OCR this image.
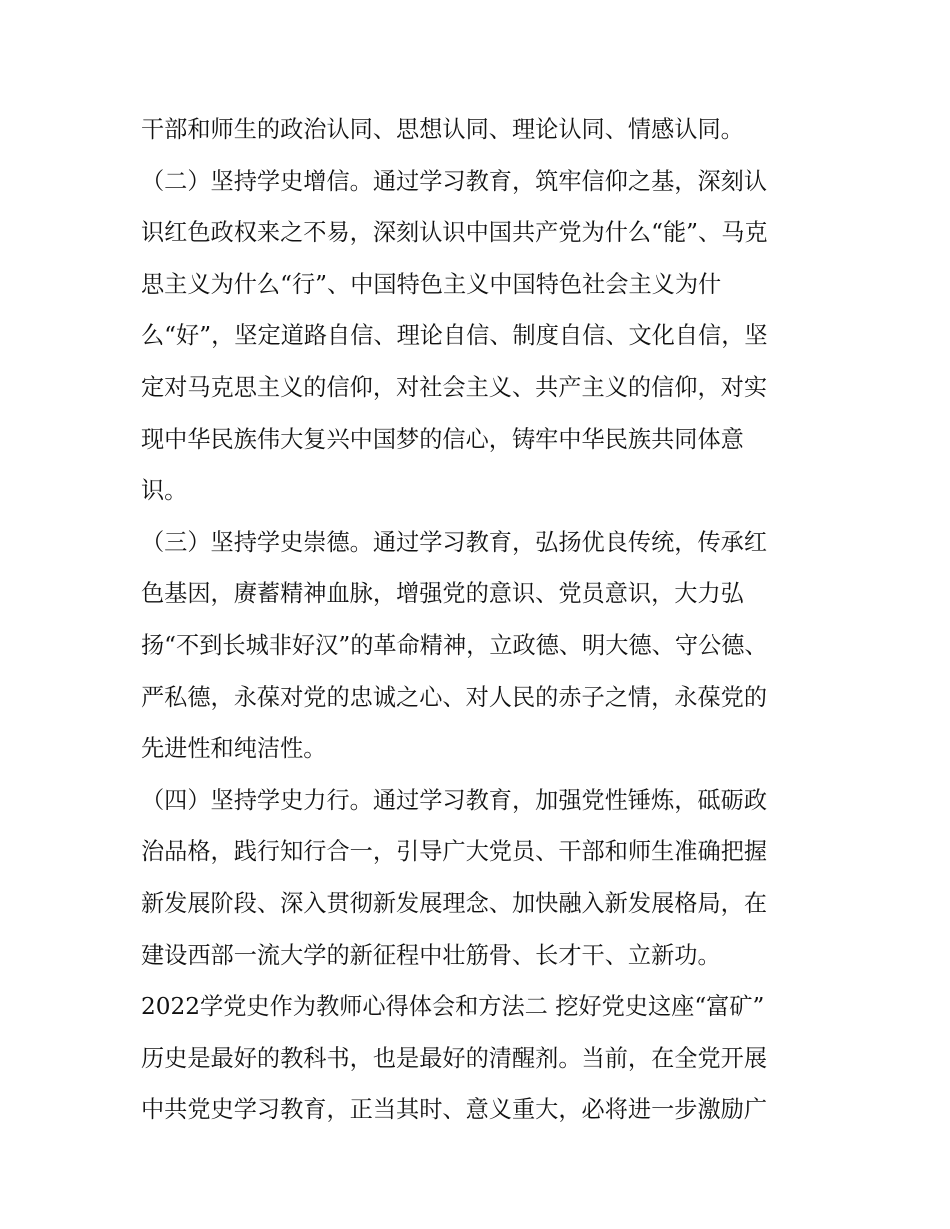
干部和师生的政治认同、思想认同、理论认同、情感认同。
（二）坚持学史增信。通过学习教育，筑牢信仰之基，深刻认
识红色政权来之不易，深刻认识中国共产党为什么“能”、马克
思主义为什么“行”、中国特色主义中国特色社会主义为什
么“好”，坚定道路自信、理论自信、制度自信、文化自信，坚
定对马克思主义的信仰，对社会主义、共产主义的信仰，对实
现中华民族伟大复兴中国梦的信心，铸牢中华民族共同体意
识。
（三）坚持学史崇德。通过学习教育，弘扬优良传统，传承红
色基因，赓蓄精神血脉，增强党的意识、党员意识，大力弘
扬“不到长城非好汉”的革命精神，立政德、明大德、守公德、
严私德，永葆对党的忠诚之心、对人民的赤子之情，永葆党的
先进性和纯洁性。
（四）坚持学史力行。通过学习教育，加强党性锤炼，砥砺政
治品格，践行知行合一，引导广大党员、干部和师生准确把握
新发展阶段、深入贯彻新发展理念、加快融入新发展格局，在
建设西部一流大学的新征程中壮筋骨、长才干、立新功。
2022学党史作为教师心得体会和方法二 挖好党史这座“富矿”
历史是最好的教科书，也是最好的清醒剂。当前，在全党开展
中共党史学习教育，正当其时、意义重大，必将进一步激励广
